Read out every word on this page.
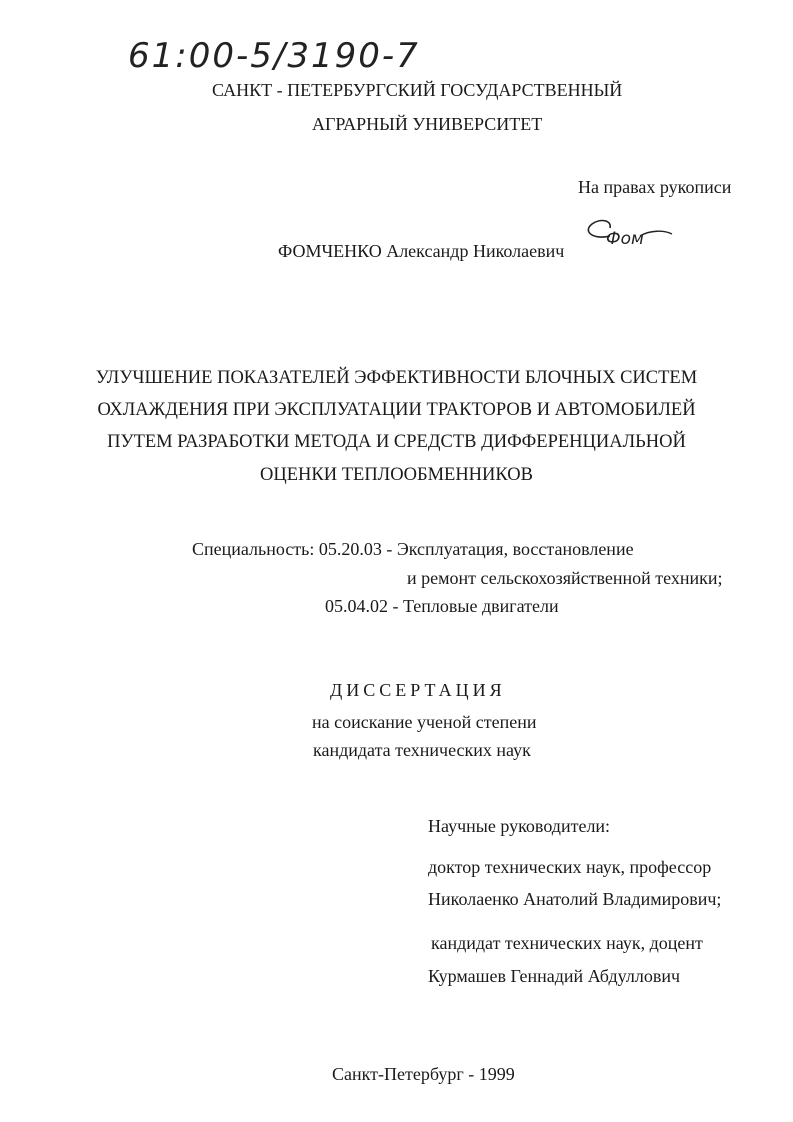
61:00-5/3190-7
САНКТ - ПЕТЕРБУРГСКИЙ ГОСУДАРСТВЕННЫЙ
АГРАРНЫЙ УНИВЕРСИТЕТ
На правах рукописи
ФОМЧЕНКО Александр Николаевич
Фом
УЛУЧШЕНИЕ ПОКАЗАТЕЛЕЙ ЭФФЕКТИВНОСТИ БЛОЧНЫХ СИСТЕМ
ОХЛАЖДЕНИЯ ПРИ ЭКСПЛУАТАЦИИ ТРАКТОРОВ И АВТОМОБИЛЕЙ
ПУТЕМ РАЗРАБОТКИ МЕТОДА И СРЕДСТВ ДИФФЕРЕНЦИАЛЬНОЙ
ОЦЕНКИ ТЕПЛООБМЕННИКОВ
Специальность: 05.20.03 - Эксплуатация, восстановление
и ремонт сельскохозяйственной техники;
05.04.02 - Тепловые двигатели
ДИССЕРТАЦИЯ
на соискание ученой степени
кандидата технических наук
Научные руководители:
доктор технических наук, профессор
Николаенко Анатолий Владимирович;
кандидат технических наук, доцент
Курмашев Геннадий Абдуллович
Санкт-Петербург - 1999
